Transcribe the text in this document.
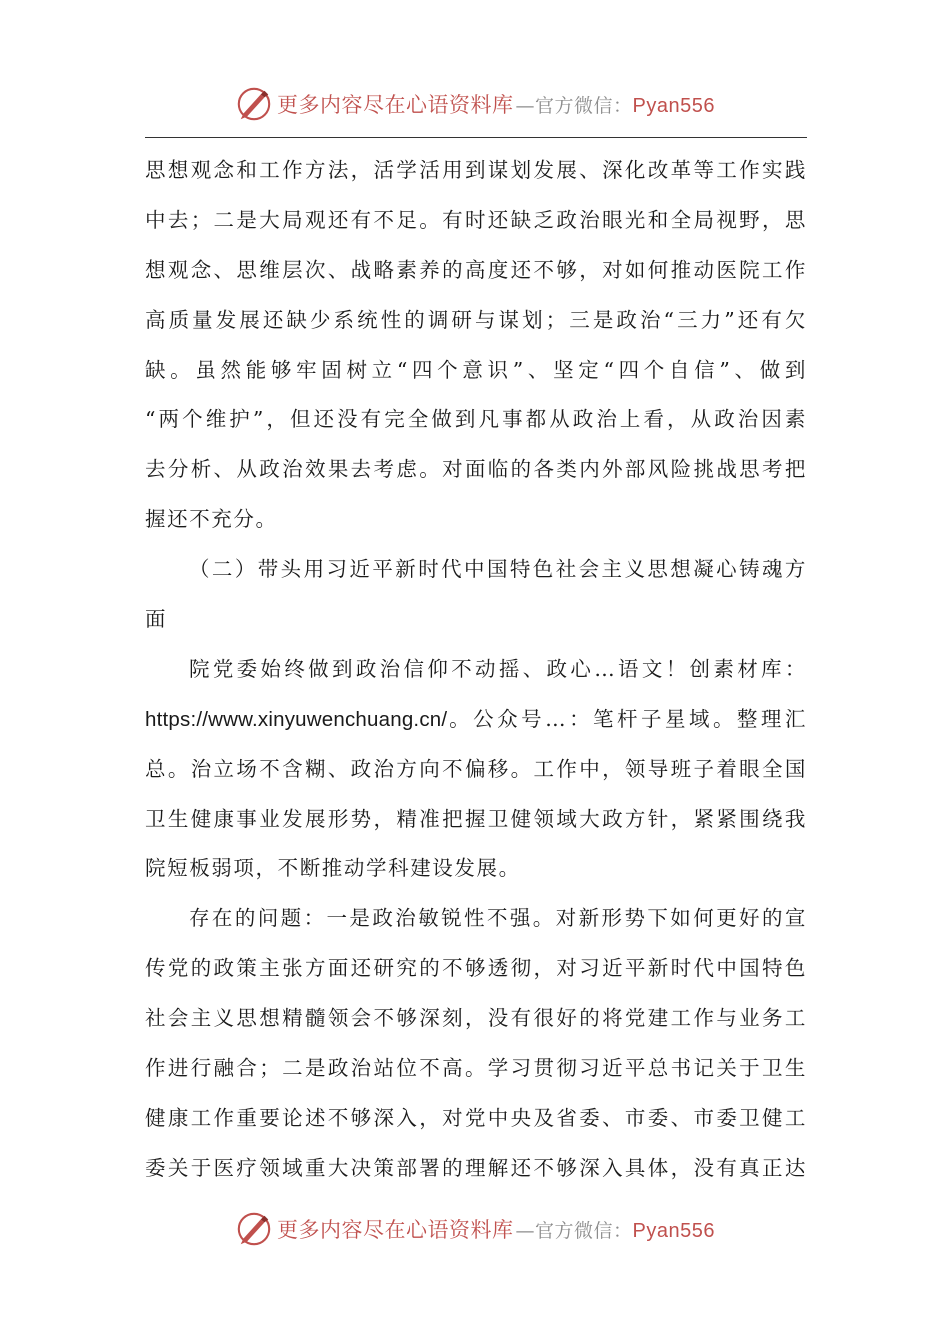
更多内容尽在心语资料库 —官方微信：Pyan556

思想观念和工作方法，活学活用到谋划发展、深化改革等工作实践
中去；二是大局观还有不足。有时还缺乏政治眼光和全局视野，思
想观念、思维层次、战略素养的高度还不够，对如何推动医院工作
高质量发展还缺少系统性的调研与谋划；三是政治“三力”还有欠
缺。虽然能够牢固树立“四个意识”、坚定“四个自信”、做到
“两个维护”，但还没有完全做到凡事都从政治上看，从政治因素
去分析、从政治效果去考虑。对面临的各类内外部风险挑战思考把
握还不充分。

（二）带头用习近平新时代中国特色社会主义思想凝心铸魂方
面

院党委始终做到政治信仰不动摇、政心…语文！创素材库：
https://www.xinyuwenchuang.cn/。公众号…：笔杆子星域。整理汇
总。治立场不含糊、政治方向不偏移。工作中，领导班子着眼全国
卫生健康事业发展形势，精准把握卫健领域大政方针，紧紧围绕我
院短板弱项，不断推动学科建设发展。

存在的问题：一是政治敏锐性不强。对新形势下如何更好的宣
传党的政策主张方面还研究的不够透彻，对习近平新时代中国特色
社会主义思想精髓领会不够深刻，没有很好的将党建工作与业务工
作进行融合；二是政治站位不高。学习贯彻习近平总书记关于卫生
健康工作重要论述不够深入，对党中央及省委、市委、市委卫健工
委关于医疗领域重大决策部署的理解还不够深入具体，没有真正达

更多内容尽在心语资料库 —官方微信：Pyan556
